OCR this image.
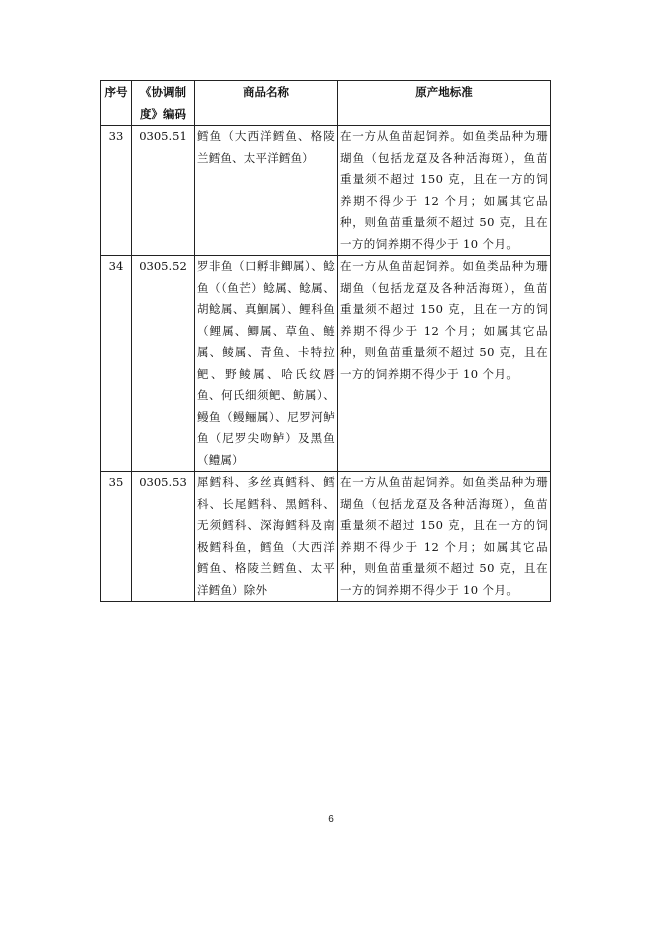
序号	《协调制度》编码	商品名称	原产地标准
33	0305.51	鳕鱼（大西洋鳕鱼、格陵兰鳕鱼、太平洋鳕鱼）	在一方从鱼苗起饲养。如鱼类品种为珊瑚鱼（包括龙趸及各种活海斑），鱼苗重量须不超过 150 克，且在一方的饲养期不得少于 12 个月；如属其它品种，则鱼苗重量须不超过 50 克，且在一方的饲养期不得少于 10 个月。
34	0305.52	罗非鱼（口孵非鲫属）、鲶鱼（（鱼芒）鲶属、鲶属、胡鲶属、真鮰属）、鲤科鱼（鲤属、鲫属、草鱼、鲢属、鲮属、青鱼、卡特拉鲃、野鲮属、哈氏纹唇鱼、何氏细须鲃、鲂属）、鳗鱼（鳗鲡属）、尼罗河鲈鱼（尼罗尖吻鲈）及黑鱼（鳢属）	在一方从鱼苗起饲养。如鱼类品种为珊瑚鱼（包括龙趸及各种活海斑），鱼苗重量须不超过 150 克，且在一方的饲养期不得少于 12 个月；如属其它品种，则鱼苗重量须不超过 50 克，且在一方的饲养期不得少于 10 个月。
35	0305.53	犀鳕科、多丝真鳕科、鳕科、长尾鳕科、黑鳕科、无须鳕科、深海鳕科及南极鳕科鱼，鳕鱼（大西洋鳕鱼、格陵兰鳕鱼、太平洋鳕鱼）除外	在一方从鱼苗起饲养。如鱼类品种为珊瑚鱼（包括龙趸及各种活海斑），鱼苗重量须不超过 150 克，且在一方的饲养期不得少于 12 个月；如属其它品种，则鱼苗重量须不超过 50 克，且在一方的饲养期不得少于 10 个月。
6
